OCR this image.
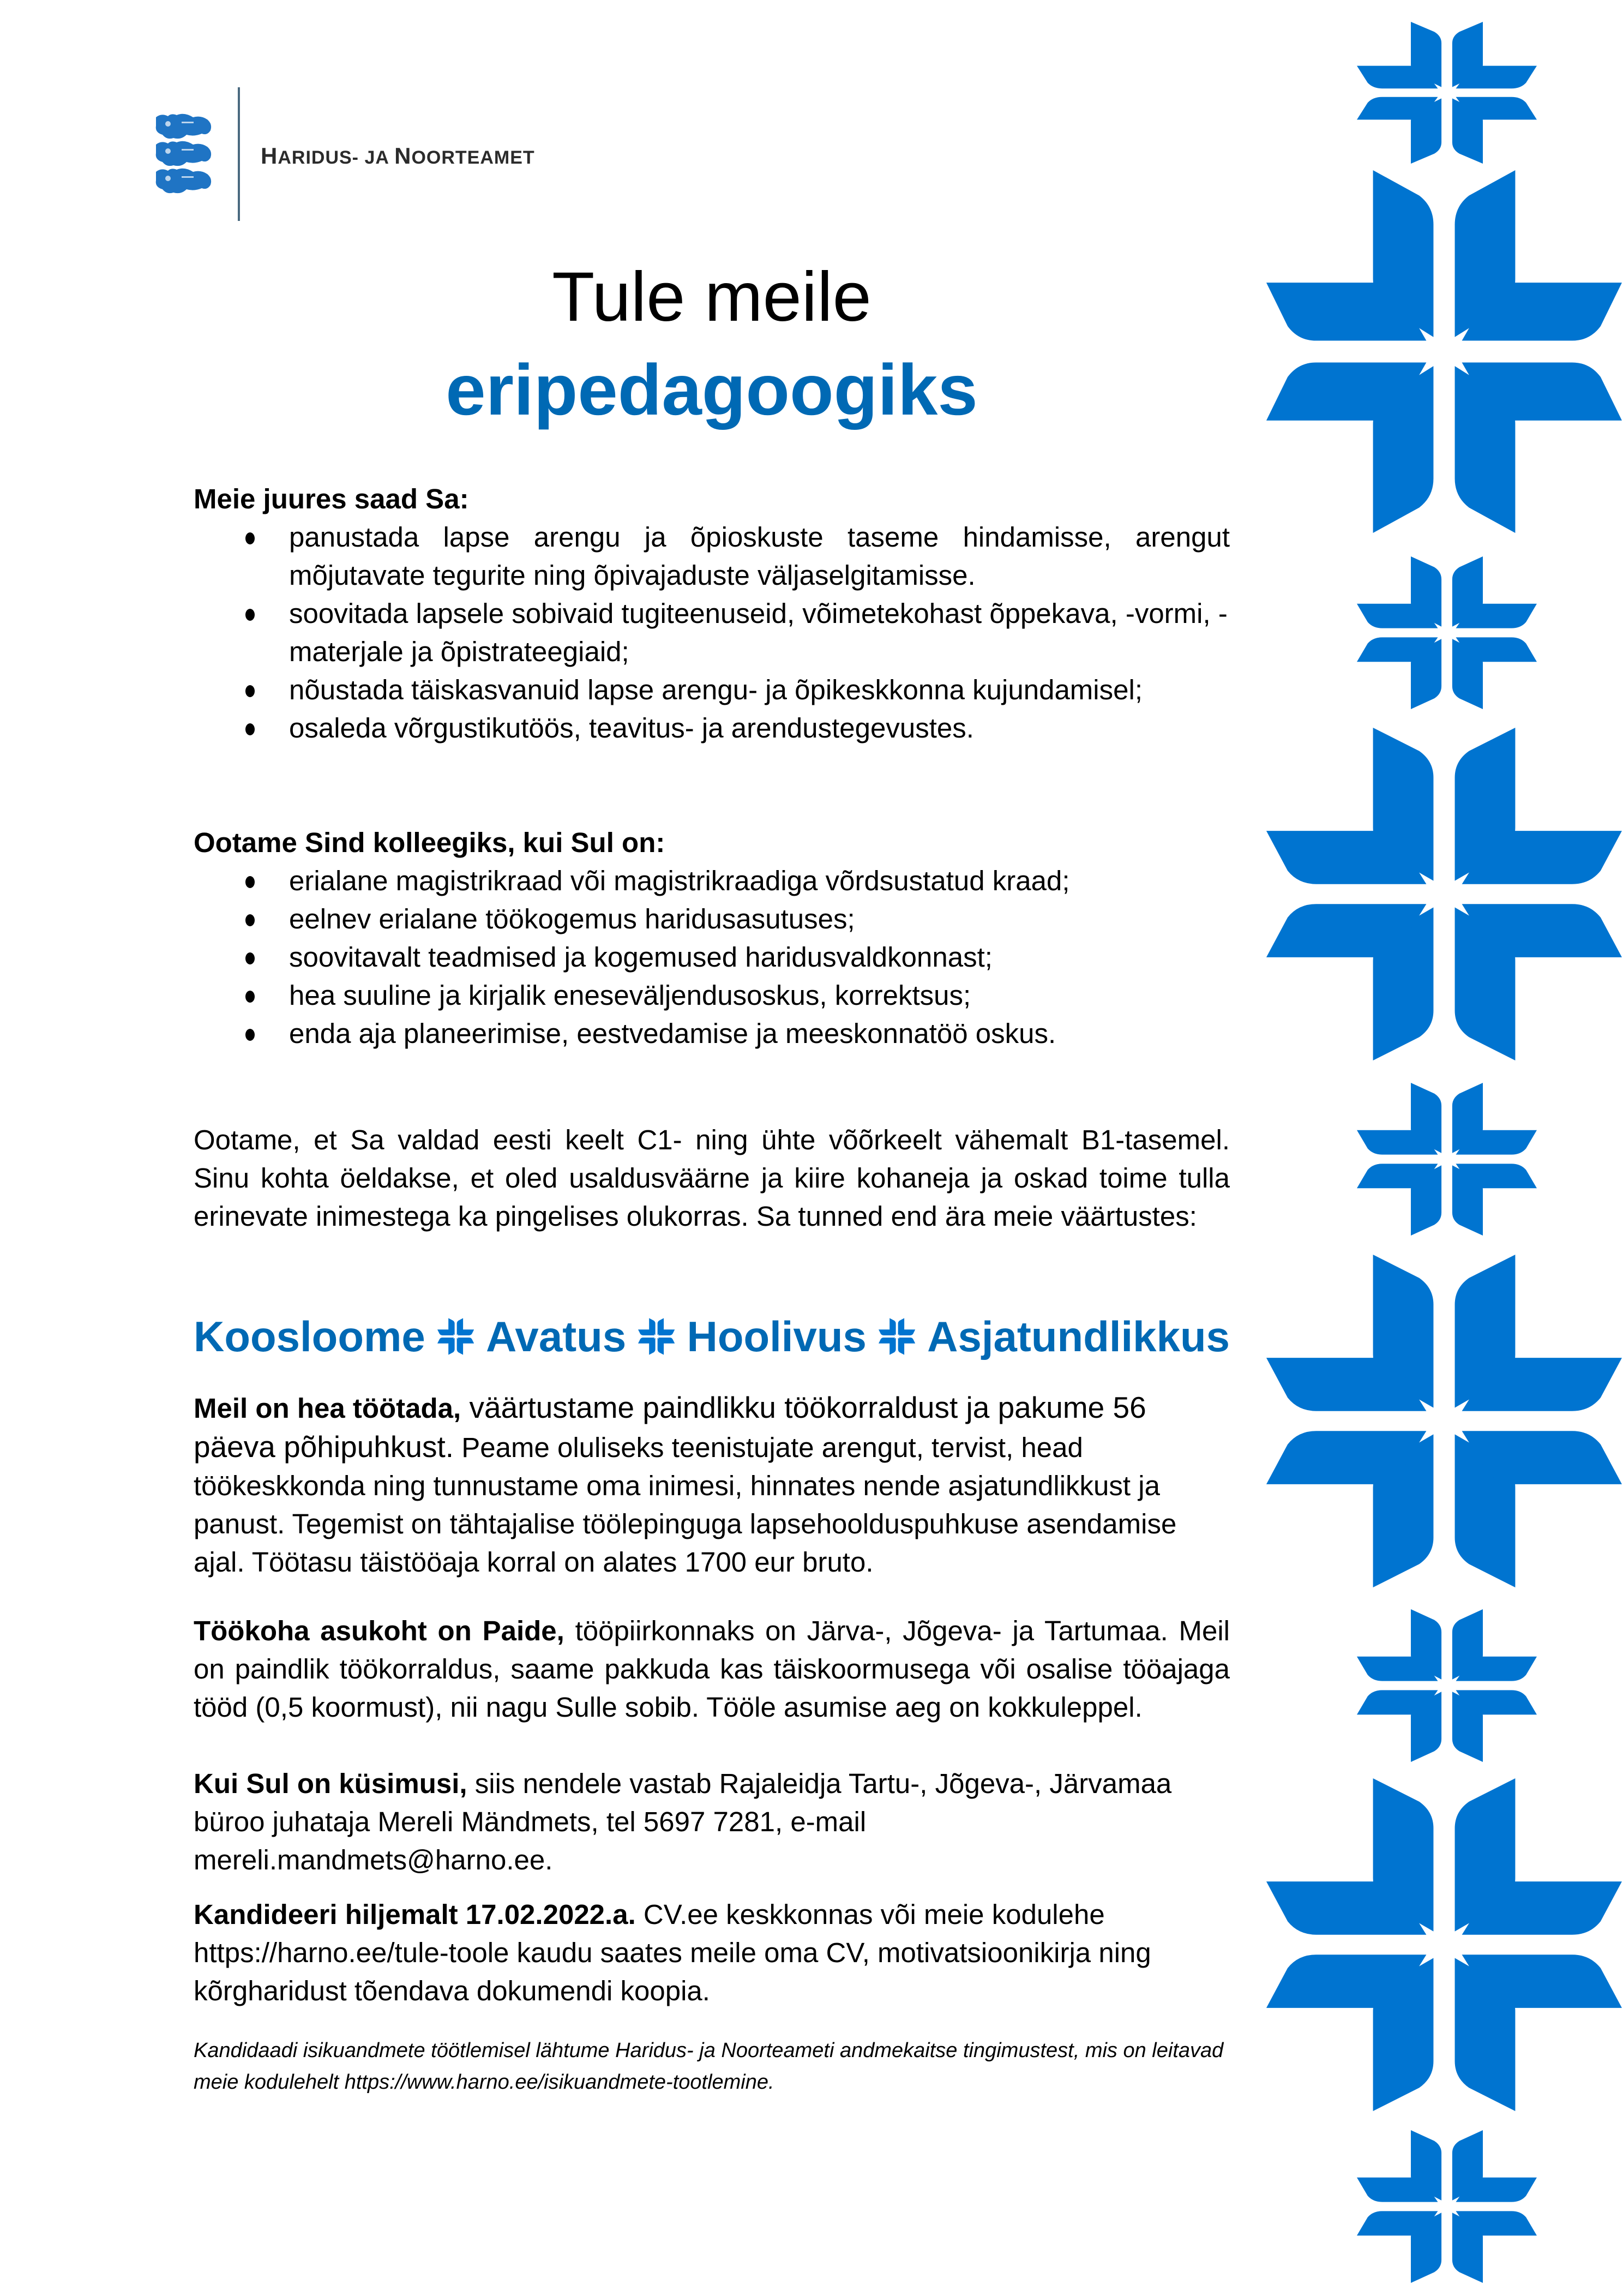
HARIDUS- JA NOORTEAMET
Tule meile
eripedagoogiks
Meie juures saad Sa:
panustada lapse arengu ja õpioskuste taseme hindamisse, arengut mõjutavate tegurite ning õpivajaduste väljaselgitamisse.
soovitada lapsele sobivaid tugiteenuseid, võimetekohast õppekava, -vormi, -materjale ja õpistrateegiaid;
nõustada täiskasvanuid lapse arengu- ja õpikeskkonna kujundamisel;
osaleda võrgustikutöös, teavitus- ja arendustegevustes.
Ootame Sind kolleegiks, kui Sul on:
erialane magistrikraad või magistrikraadiga võrdsustatud kraad;
eelnev erialane töökogemus haridusasutuses;
soovitavalt teadmised ja kogemused haridusvaldkonnast;
hea suuline ja kirjalik eneseväljendusoskus, korrektsus;
enda aja planeerimise, eestvedamise ja meeskonnatöö oskus.
Ootame, et Sa valdad eesti keelt C1- ning ühte võõrkeelt vähemalt B1-tasemel. Sinu kohta öeldakse, et oled usaldusväärne ja kiire kohaneja ja oskad toime tulla erinevate inimestega ka pingelises olukorras. Sa tunned end ära meie väärtustes:
Koosloome Avatus Hoolivus Asjatundlikkus
Meil on hea töötada, väärtustame paindlikku töökorraldust ja pakume 56 päeva põhipuhkust. Peame oluliseks teenistujate arengut, tervist, head töökeskkonda ning tunnustame oma inimesi, hinnates nende asjatundlikkust ja panust. Tegemist on tähtajalise töölepinguga lapsehoolduspuhkuse asendamise ajal. Töötasu täistööaja korral on alates 1700 eur bruto.
Töökoha asukoht on Paide, tööpiirkonnaks on Järva-, Jõgeva- ja Tartumaa. Meil on paindlik töökorraldus, saame pakkuda kas täiskoormusega või osalise tööajaga tööd (0,5 koormust), nii nagu Sulle sobib. Tööle asumise aeg on kokkuleppel.
Kui Sul on küsimusi, siis nendele vastab Rajaleidja Tartu-, Jõgeva-, Järvamaa büroo juhataja Mereli Mändmets, tel 5697 7281, e-mail mereli.mandmets@harno.ee.
Kandideeri hiljemalt 17.02.2022.a. CV.ee keskkonnas või meie kodulehe https://harno.ee/tule-toole kaudu saates meile oma CV, motivatsioonikirja ning kõrgharidust tõendava dokumendi koopia.
Kandidaadi isikuandmete töötlemisel lähtume Haridus- ja Noorteameti andmekaitse tingimustest, mis on leitavad meie kodulehelt https://www.harno.ee/isikuandmete-tootlemine.
